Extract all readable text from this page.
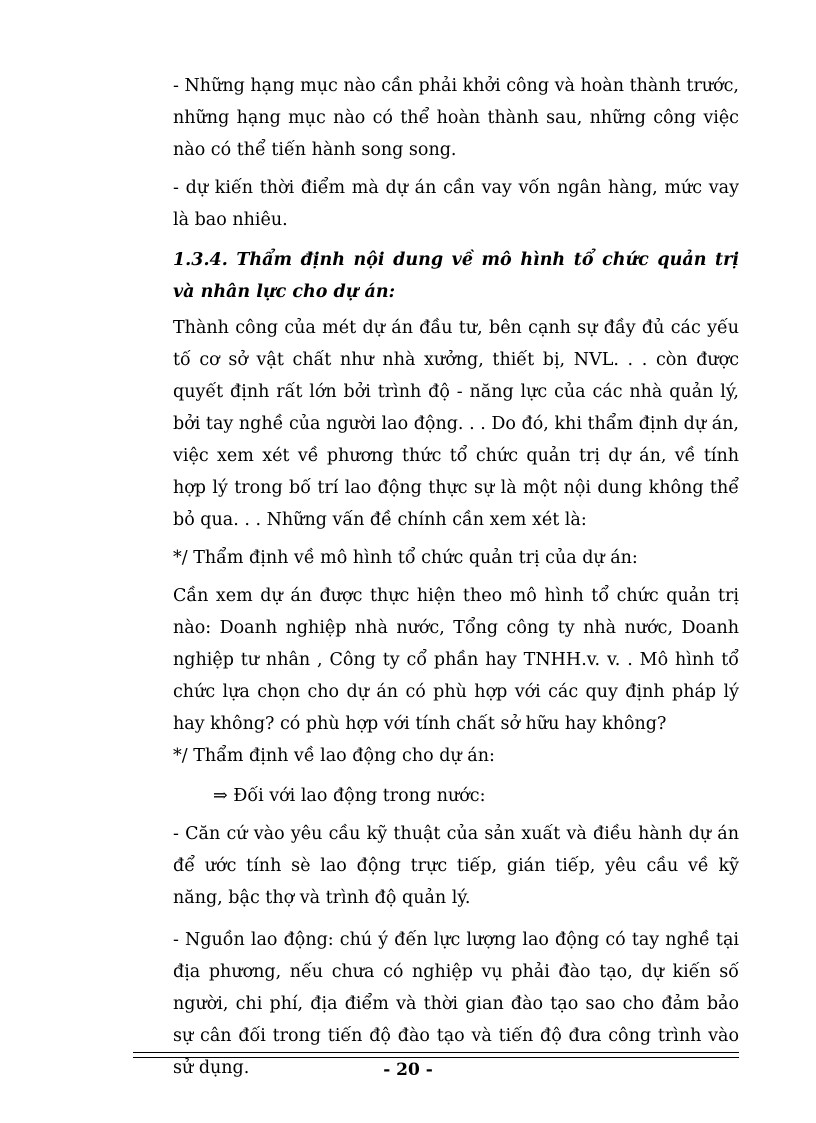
- Những hạng mục nào cần phải khởi công và hoàn thành trước, những hạng mục nào có thể hoàn thành sau, những công việc nào có thể tiến hành song song.

- dự kiến thời điểm mà dự án cần vay vốn ngân hàng, mức vay là bao nhiêu.

1.3.4. Thẩm định nội dung về mô hình tổ chức quản trị và nhân lực cho dự án:

Thành công của mét dự án đầu tư, bên cạnh sự đầy đủ các yếu tố cơ sở vật chất như nhà xưởng, thiết bị, NVL. . . còn được quyết định rất lớn bởi trình độ - năng lực của các nhà quản lý, bởi tay nghề của người lao động. . . Do đó, khi thẩm định dự án, việc xem xét về phương thức tổ chức quản trị dự án, về tính hợp lý trong bố trí lao động thực sự là một nội dung không thể bỏ qua. . . Những vấn đề chính cần xem xét là:

*/ Thẩm định về mô hình tổ chức quản trị của dự án:

Cần xem dự án được thực hiện theo mô hình tổ chức quản trị nào: Doanh nghiệp nhà nước, Tổng công ty nhà nước, Doanh nghiệp tư nhân , Công ty cổ phần hay TNHH.v. v. . Mô hình tổ chức lựa chọn cho dự án có phù hợp với các quy định pháp lý hay không? có phù hợp với tính chất sở hữu hay không?

*/ Thẩm định về lao động cho dự án:

⇒ Đối với lao động trong nước:

- Căn cứ vào yêu cầu kỹ thuật của sản xuất và điều hành dự án để ước tính sè lao động trực tiếp, gián tiếp, yêu cầu về kỹ năng, bậc thợ và trình độ quản lý.

- Nguồn lao động: chú ý đến lực lượng lao động có tay nghề tại địa phương, nếu chưa có nghiệp vụ phải đào tạo, dự kiến số người, chi phí, địa điểm và thời gian đào tạo sao cho đảm bảo sự cân đối trong tiến độ đào tạo và tiến độ đưa công trình vào sử dụng.	- 20 -
